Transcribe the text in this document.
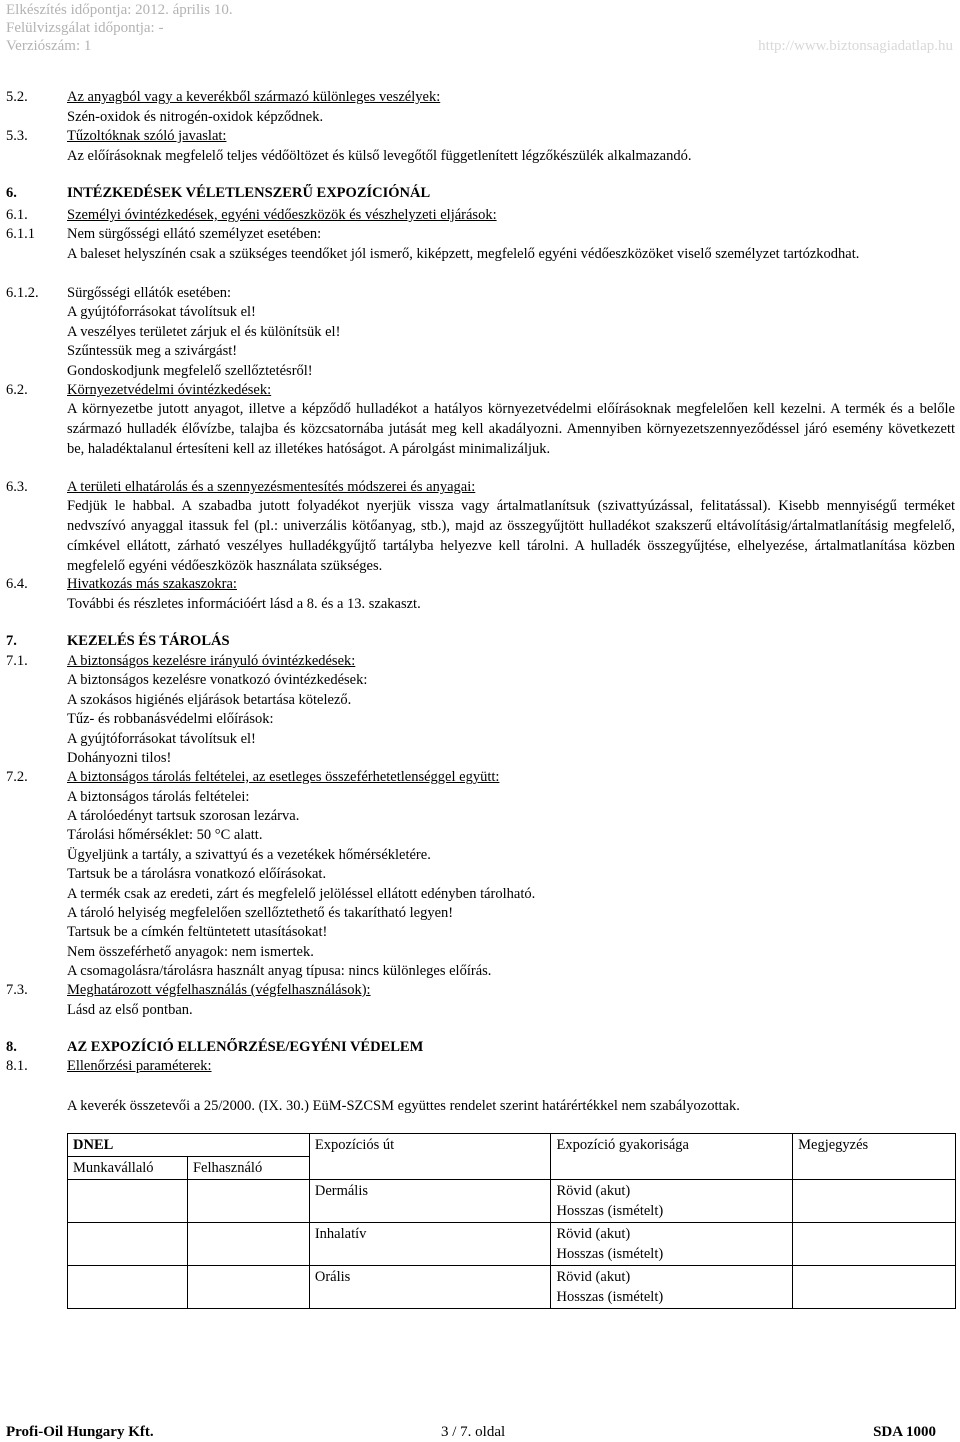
Elkészítés időpontja: 2012. április 10.
Felülvizsgálat időpontja: -
Verziószám: 1	http://www.biztonsagiadatlap.hu
5.2.	Az anyagból vagy a keverékből származó különleges veszélyek:
Szén-oxidok és nitrogén-oxidok képződnek.
5.3.	Tűzoltóknak szóló javaslat:
Az előírásoknak megfelelő teljes védőöltözet és külső levegőtől függetlenített légzőkészülék alkalmazandó.
6.	INTÉZKEDÉSEK VÉLETLENSZERŰ EXPOZÍCIÓNÁL
6.1.	Személyi óvintézkedések, egyéni védőeszközök és vészhelyzeti eljárások:
6.1.1 Nem sürgősségi ellátó személyzet esetében:
A baleset helyszínén csak a szükséges teendőket jól ismerő, kiképzett, megfelelő egyéni védőeszközöket viselő személyzet tartózkodhat.
6.1.2. Sürgősségi ellátók esetében:
A gyújtóforrásokat távolítsuk el!
A veszélyes területet zárjuk el és különítsük el!
Szűntessük meg a szivárgást!
Gondoskodjunk megfelelő szellőztetésről!
6.2.	Környezetvédelmi óvintézkedések:
A környezetbe jutott anyagot, illetve a képződő hulladékot a hatályos környezetvédelmi előírásoknak megfelelően kell kezelni. A termék és a belőle származó hulladék élővízbe, talajba és közcsatornába jutását meg kell akadályozni. Amennyiben környezetszennyeződéssel járó esemény következett be, haladéktalanul értesíteni kell az illetékes hatóságot. A párolgást minimalizáljuk.
6.3.	A területi elhatárolás és a szennyezésmentesítés módszerei és anyagai:
Fedjük le habbal. A szabadba jutott folyadékot nyerjük vissza vagy ártalmatlanítsuk (szivattyúzással, felitatással). Kisebb mennyiségű terméket nedvszívó anyaggal itassuk fel (pl.: univerzális kötőanyag, stb.), majd az összegyűjtött hulladékot szakszerű eltávolításig/ártalmatlanításig megfelelő, címkével ellátott, zárható veszélyes hulladékgyűjtő tartályba helyezve kell tárolni. A hulladék összegyűjtése, elhelyezése, ártalmatlanítása közben megfelelő egyéni védőeszközök használata szükséges.
6.4.	Hivatkozás más szakaszokra:
További és részletes információért lásd a 8. és a 13. szakaszt.
7.	KEZELÉS ÉS TÁROLÁS
7.1.	A biztonságos kezelésre irányuló óvintézkedések:
A biztonságos kezelésre vonatkozó óvintézkedések:
A szokásos higiénés eljárások betartása kötelező.
Tűz- és robbanásvédelmi előírások:
A gyújtóforrásokat távolítsuk el!
Dohányozni tilos!
7.2.	A biztonságos tárolás feltételei, az esetleges összeférhetetlenséggel együtt:
A biztonságos tárolás feltételei:
A tárolóedényt tartsuk szorosan lezárva.
Tárolási hőmérséklet: 50 °C alatt.
Ügyeljünk a tartály, a szivattyú és a vezetékek hőmérsékletére.
Tartsuk be a tárolásra vonatkozó előírásokat.
A termék csak az eredeti, zárt és megfelelő jelöléssel ellátott edényben tárolható.
A tároló helyiség megfelelően szellőztethető és takarítható legyen!
Tartsuk be a címkén feltüntetett utasításokat!
Nem összeférhető anyagok: nem ismertek.
A csomagolásra/tárolásra használt anyag típusa: nincs különleges előírás.
7.3.	Meghatározott végfelhasználás (végfelhasználások):
Lásd az első pontban.
8.	AZ EXPOZÍCIÓ ELLENŐRZÉSE/EGYÉNI VÉDELEM
8.1.	Ellenőrzési paraméterek:
A keverék összetevői a 25/2000. (IX. 30.) EüM-SZCSM együttes rendelet szerint határértékkel nem szabályozottak.
DNEL		Expozíciós út	Expozíció gyakorisága	Megjegyzés
Munkavállaló	Felhasználó			
		Dermális	Rövid (akut)
Hosszas (ismételt)	
		Inhalatív	Rövid (akut)
Hosszas (ismételt)	
		Orális	Rövid (akut)
Hosszas (ismételt)	
Profi-Oil Hungary Kft.	3 / 7. oldal	SDA 1000
